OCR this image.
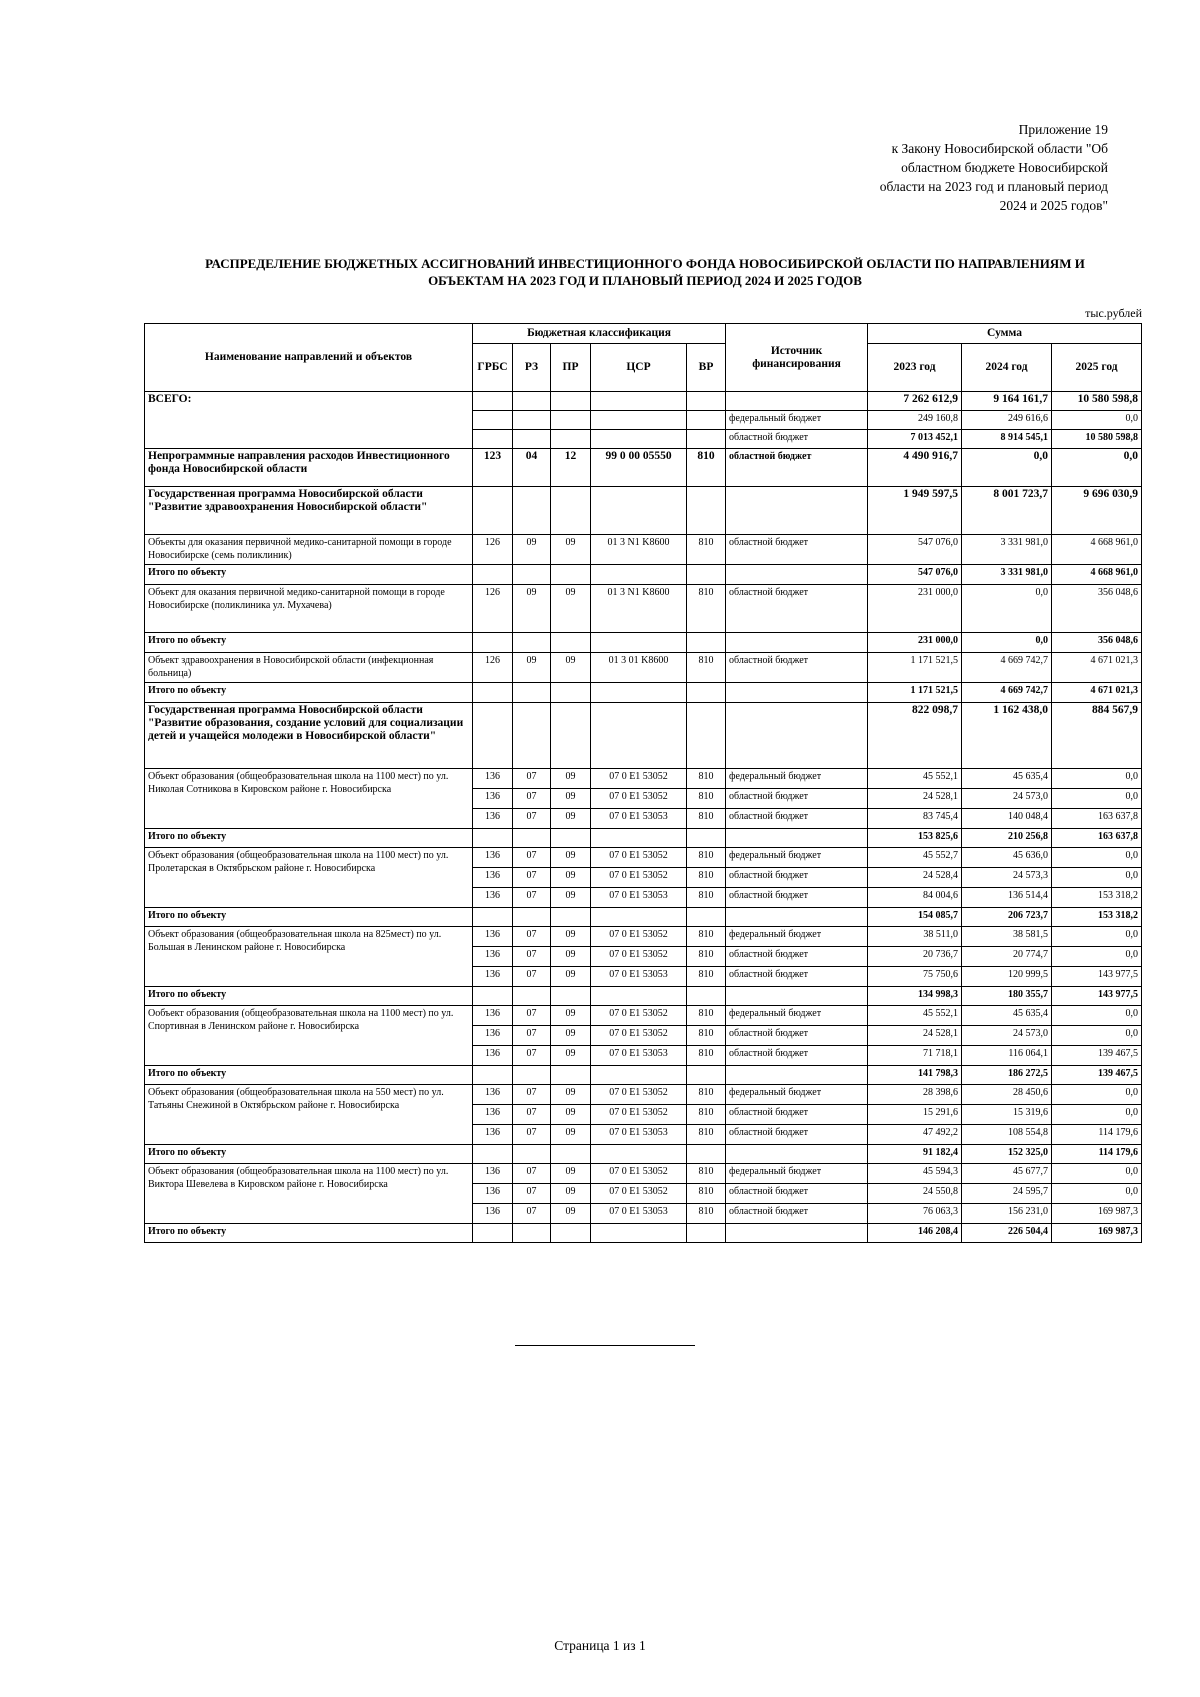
Приложение 19
к Закону Новосибирской области "Об
областном бюджете Новосибирской
области на 2023 год и плановый период
2024 и 2025 годов"
РАСПРЕДЕЛЕНИЕ БЮДЖЕТНЫХ АССИГНОВАНИЙ ИНВЕСТИЦИОННОГО ФОНДА НОВОСИБИРСКОЙ ОБЛАСТИ ПО НАПРАВЛЕНИЯМ И
ОБЪЕКТАМ НА 2023 ГОД И ПЛАНОВЫЙ ПЕРИОД 2024 И 2025 ГОДОВ
тыс.рублей
Наименование направлений и объектов	Бюджетная классификация					Источник финансирования	Сумма		
	ГРБС	РЗ	ПР	ЦСР	ВР		2023 год	2024 год	2025 год
ВСЕГО:							7 262 612,9	9 164 161,7	10 580 598,8
						федеральный бюджет	249 160,8	249 616,6	0,0
						областной бюджет	7 013 452,1	8 914 545,1	10 580 598,8
Непрограммные направления расходов Инвестиционного фонда Новосибирской области	123	04	12	99 0 00 05550	810	областной бюджет	4 490 916,7	0,0	0,0
Государственная программа Новосибирской области "Развитие здравоохранения Новосибирской области"							1 949 597,5	8 001 723,7	9 696 030,9
Объекты для оказания первичной медико-санитарной помощи в городе Новосибирске (семь поликлиник)	126	09	09	01 3 N1 K8600	810	областной бюджет	547 076,0	3 331 981,0	4 668 961,0
Итого по объекту							547 076,0	3 331 981,0	4 668 961,0
Объект для оказания первичной медико-санитарной помощи в городе Новосибирске (поликлиника ул. Мухачева)	126	09	09	01 3 N1 K8600	810	областной бюджет	231 000,0	0,0	356 048,6
Итого по объекту							231 000,0	0,0	356 048,6
Объект здравоохранения в Новосибирской области (инфекционная больница)	126	09	09	01 3 01 K8600	810	областной бюджет	1 171 521,5	4 669 742,7	4 671 021,3
Итого по объекту							1 171 521,5	4 669 742,7	4 671 021,3
Государственная программа Новосибирской области "Развитие образования, создание условий для социализации детей и учащейся молодежи в Новосибирской области"							822 098,7	1 162 438,0	884 567,9
Объект образования (общеобразовательная школа на 1100 мест) по ул. Николая Сотникова в Кировском районе г. Новосибирска	136	07	09	07 0 E1 53052	810	федеральный бюджет	45 552,1	45 635,4	0,0
	136	07	09	07 0 E1 53052	810	областной бюджет	24 528,1	24 573,0	0,0
	136	07	09	07 0 E1 53053	810	областной бюджет	83 745,4	140 048,4	163 637,8
Итого по объекту							153 825,6	210 256,8	163 637,8
Объект образования (общеобразовательная школа на 1100 мест) по ул. Пролетарская в Октябрьском районе г. Новосибирска	136	07	09	07 0 E1 53052	810	федеральный бюджет	45 552,7	45 636,0	0,0
	136	07	09	07 0 E1 53052	810	областной бюджет	24 528,4	24 573,3	0,0
	136	07	09	07 0 E1 53053	810	областной бюджет	84 004,6	136 514,4	153 318,2
Итого по объекту							154 085,7	206 723,7	153 318,2
Объект образования (общеобразовательная школа на 825мест) по ул. Большая в Ленинском районе г. Новосибирска	136	07	09	07 0 E1 53052	810	федеральный бюджет	38 511,0	38 581,5	0,0
	136	07	09	07 0 E1 53052	810	областной бюджет	20 736,7	20 774,7	0,0
	136	07	09	07 0 E1 53053	810	областной бюджет	75 750,6	120 999,5	143 977,5
Итого по объекту							134 998,3	180 355,7	143 977,5
Ообъект образования (общеобразовательная школа на 1100 мест) по ул. Спортивная в Ленинском районе г. Новосибирска	136	07	09	07 0 E1 53052	810	федеральный бюджет	45 552,1	45 635,4	0,0
	136	07	09	07 0 E1 53052	810	областной бюджет	24 528,1	24 573,0	0,0
	136	07	09	07 0 E1 53053	810	областной бюджет	71 718,1	116 064,1	139 467,5
Итого по объекту							141 798,3	186 272,5	139 467,5
Объект образования (общеобразовательная школа на 550 мест) по ул. Татьяны Снежиной в Октябрьском районе г. Новосибирска	136	07	09	07 0 E1 53052	810	федеральный бюджет	28 398,6	28 450,6	0,0
	136	07	09	07 0 E1 53052	810	областной бюджет	15 291,6	15 319,6	0,0
	136	07	09	07 0 E1 53053	810	областной бюджет	47 492,2	108 554,8	114 179,6
Итого по объекту							91 182,4	152 325,0	114 179,6
Объект образования (общеобразовательная школа на 1100 мест) по ул. Виктора Шевелева в Кировском районе г. Новосибирска	136	07	09	07 0 E1 53052	810	федеральный бюджет	45 594,3	45 677,7	0,0
	136	07	09	07 0 E1 53052	810	областной бюджет	24 550,8	24 595,7	0,0
	136	07	09	07 0 E1 53053	810	областной бюджет	76 063,3	156 231,0	169 987,3
Итого по объекту							146 208,4	226 504,4	169 987,3
Страница 1 из 1
